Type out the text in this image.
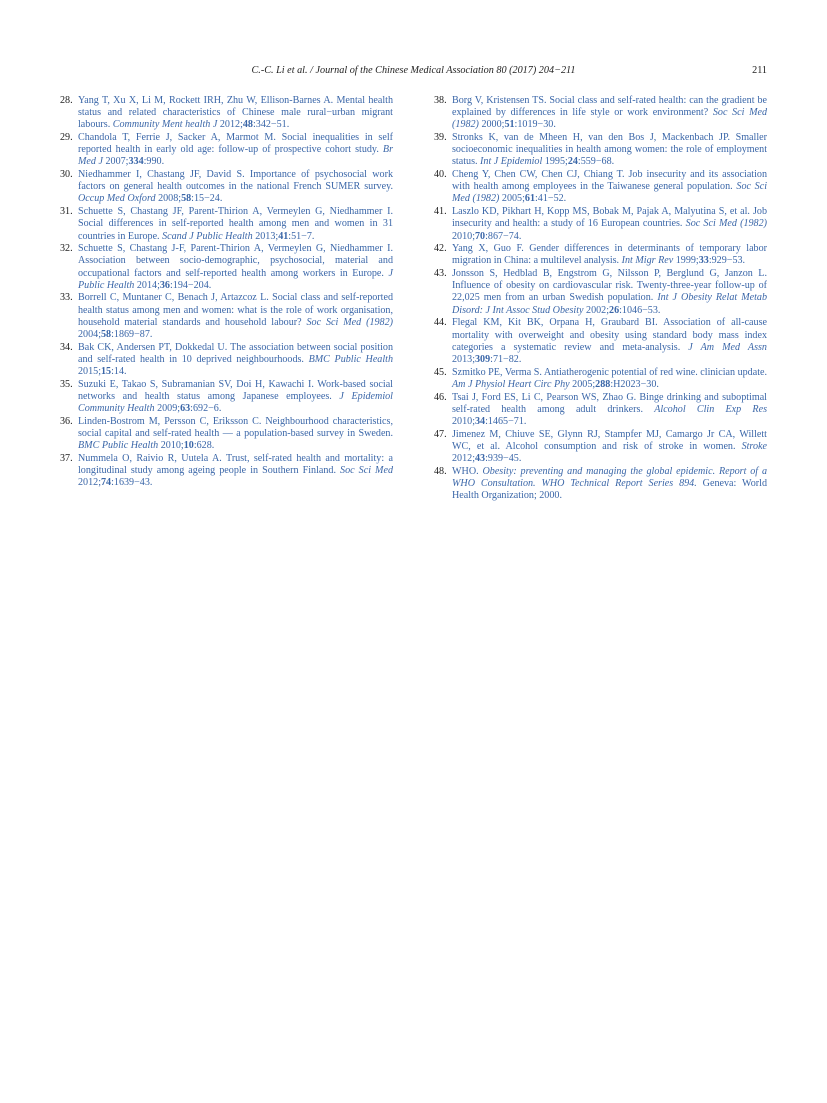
C.-C. Li et al. / Journal of the Chinese Medical Association 80 (2017) 204−211	211
28. Yang T, Xu X, Li M, Rockett IRH, Zhu W, Ellison-Barnes A. Mental health status and related characteristics of Chinese male rural−urban migrant labours. Community Ment health J 2012;48:342−51.
29. Chandola T, Ferrie J, Sacker A, Marmot M. Social inequalities in self reported health in early old age: follow-up of prospective cohort study. Br Med J 2007;334:990.
30. Niedhammer I, Chastang JF, David S. Importance of psychosocial work factors on general health outcomes in the national French SUMER survey. Occup Med Oxford 2008;58:15−24.
31. Schuette S, Chastang JF, Parent-Thirion A, Vermeylen G, Niedhammer I. Social differences in self-reported health among men and women in 31 countries in Europe. Scand J Public Health 2013;41:51−7.
32. Schuette S, Chastang J-F, Parent-Thirion A, Vermeylen G, Niedhammer I. Association between socio-demographic, psychosocial, material and occupational factors and self-reported health among workers in Europe. J Public Health 2014;36:194−204.
33. Borrell C, Muntaner C, Benach J, Artazcoz L. Social class and self-reported health status among men and women: what is the role of work organisation, household material standards and household labour? Soc Sci Med (1982) 2004;58:1869−87.
34. Bak CK, Andersen PT, Dokkedal U. The association between social position and self-rated health in 10 deprived neighbourhoods. BMC Public Health 2015;15:14.
35. Suzuki E, Takao S, Subramanian SV, Doi H, Kawachi I. Work-based social networks and health status among Japanese employees. J Epidemiol Community Health 2009;63:692−6.
36. Linden-Bostrom M, Persson C, Eriksson C. Neighbourhood characteristics, social capital and self-rated health — a population-based survey in Sweden. BMC Public Health 2010;10:628.
37. Nummela O, Raivio R, Uutela A. Trust, self-rated health and mortality: a longitudinal study among ageing people in Southern Finland. Soc Sci Med 2012;74:1639−43.
38. Borg V, Kristensen TS. Social class and self-rated health: can the gradient be explained by differences in life style or work environment? Soc Sci Med (1982) 2000;51:1019−30.
39. Stronks K, van de Mheen H, van den Bos J, Mackenbach JP. Smaller socioeconomic inequalities in health among women: the role of employment status. Int J Epidemiol 1995;24:559−68.
40. Cheng Y, Chen CW, Chen CJ, Chiang T. Job insecurity and its association with health among employees in the Taiwanese general population. Soc Sci Med (1982) 2005;61:41−52.
41. Laszlo KD, Pikhart H, Kopp MS, Bobak M, Pajak A, Malyutina S, et al. Job insecurity and health: a study of 16 European countries. Soc Sci Med (1982) 2010;70:867−74.
42. Yang X, Guo F. Gender differences in determinants of temporary labor migration in China: a multilevel analysis. Int Migr Rev 1999;33:929−53.
43. Jonsson S, Hedblad B, Engstrom G, Nilsson P, Berglund G, Janzon L. Influence of obesity on cardiovascular risk. Twenty-three-year follow-up of 22,025 men from an urban Swedish population. Int J Obesity Relat Metab Disord: J Int Assoc Stud Obesity 2002;26:1046−53.
44. Flegal KM, Kit BK, Orpana H, Graubard BI. Association of all-cause mortality with overweight and obesity using standard body mass index categories a systematic review and meta-analysis. J Am Med Assn 2013;309:71−82.
45. Szmitko PE, Verma S. Antiatherogenic potential of red wine. clinician update. Am J Physiol Heart Circ Phy 2005;288:H2023−30.
46. Tsai J, Ford ES, Li C, Pearson WS, Zhao G. Binge drinking and suboptimal self-rated health among adult drinkers. Alcohol Clin Exp Res 2010;34:1465−71.
47. Jimenez M, Chiuve SE, Glynn RJ, Stampfer MJ, Camargo Jr CA, Willett WC, et al. Alcohol consumption and risk of stroke in women. Stroke 2012;43:939−45.
48. WHO. Obesity: preventing and managing the global epidemic. Report of a WHO Consultation. WHO Technical Report Series 894. Geneva: World Health Organization; 2000.
